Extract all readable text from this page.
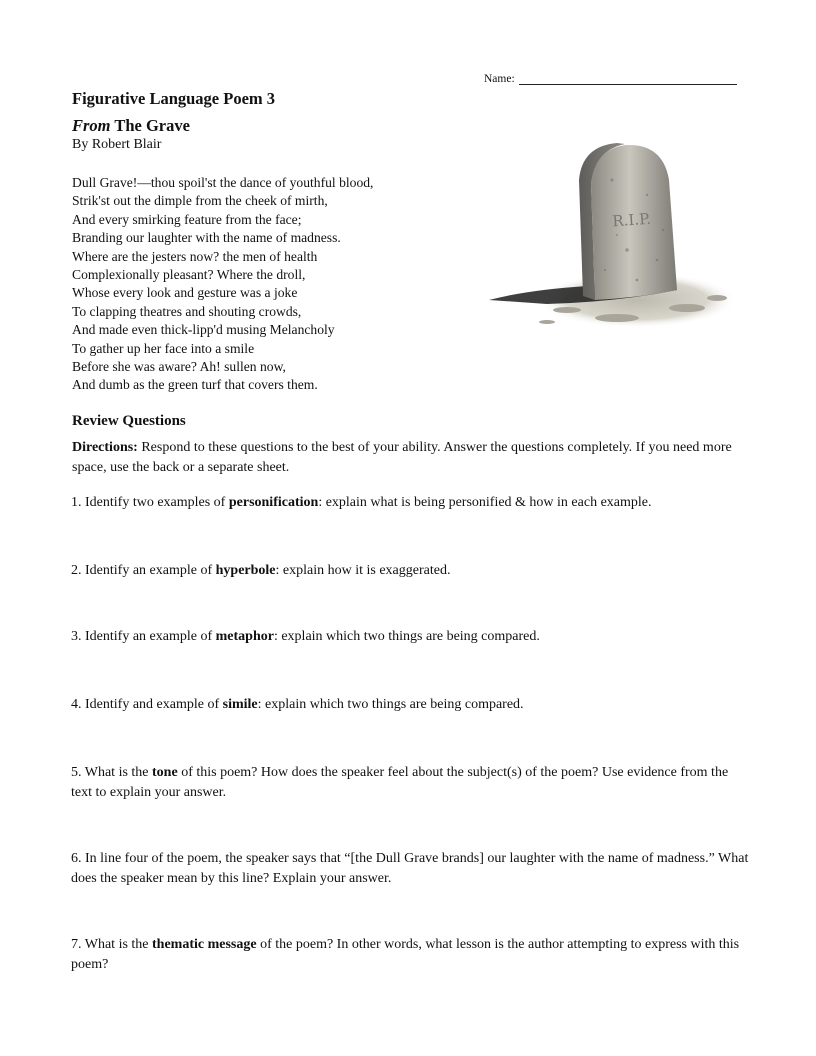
Name:
Figurative Language Poem 3
From The Grave
By Robert Blair
Dull Grave!—thou spoil'st the dance of youthful blood,
Strik'st out the dimple from the cheek of mirth,
And every smirking feature from the face;
Branding our laughter with the name of madness.
Where are the jesters now? the men of health
Complexionally pleasant? Where the droll,
Whose every look and gesture was a joke
To clapping theatres and shouting crowds,
And made even thick-lipp'd musing Melancholy
To gather up her face into a smile
Before she was aware? Ah! sullen now,
And dumb as the green turf that covers them.
R.I.P.
Review Questions
Directions: Respond to these questions to the best of your ability. Answer the questions completely. If you need more space, use the back or a separate sheet.
1. Identify two examples of personification: explain what is being personified & how in each example.
2. Identify an example of hyperbole: explain how it is exaggerated.
3. Identify an example of metaphor: explain which two things are being compared.
4. Identify and example of simile: explain which two things are being compared.
5. What is the tone of this poem? How does the speaker feel about the subject(s) of the poem? Use evidence from the text to explain your answer.
6. In line four of the poem, the speaker says that “[the Dull Grave brands] our laughter with the name of madness.” What does the speaker mean by this line? Explain your answer.
7. What is the thematic message of the poem? In other words, what lesson is the author attempting to express with this poem?
